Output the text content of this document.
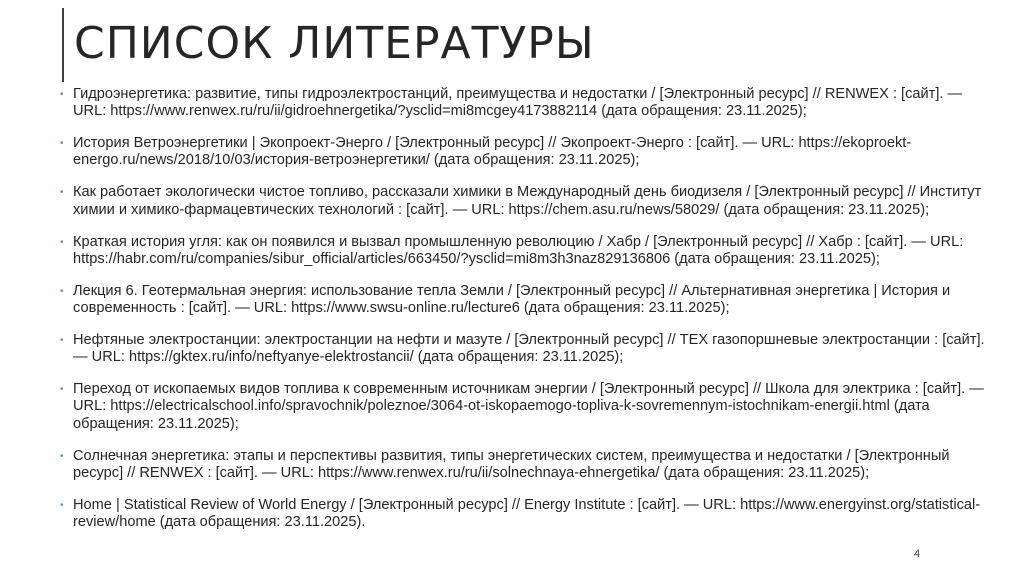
СПИСОК ЛИТЕРАТУРЫ
• Гидроэнергетика: развитие, типы гидроэлектростанций, преимущества и недостатки / [Электронный ресурс] // RENWEX : [сайт]. — URL: https://www.renwex.ru/ru/ii/gidroehnergetika/?ysclid=mi8mcgey4173882114 (дата обращения: 23.11.2025);
• История Ветроэнергетики | Экопроект-Энерго / [Электронный ресурс] // Экопроект-Энерго : [сайт]. — URL: https://ekoproekt-energo.ru/news/2018/10/03/история-ветроэнергетики/ (дата обращения: 23.11.2025);
• Как работает экологически чистое топливо, рассказали химики в Международный день биодизеля / [Электронный ресурс] // Институт химии и химико-фармацевтических технологий : [сайт]. — URL: https://chem.asu.ru/news/58029/ (дата обращения: 23.11.2025);
• Краткая история угля: как он появился и вызвал промышленную революцию / Хабр / [Электронный ресурс] // Хабр : [сайт]. — URL: https://habr.com/ru/companies/sibur_official/articles/663450/?ysclid=mi8m3h3naz829136806 (дата обращения: 23.11.2025);
• Лекция 6. Геотермальная энергия: использование тепла Земли / [Электронный ресурс] // Альтернативная энергетика | История и современность : [сайт]. — URL: https://www.swsu-online.ru/lecture6 (дата обращения: 23.11.2025);
• Нефтяные электростанции: электростанции на нефти и мазуте / [Электронный ресурс] // ТЕХ газопоршневые электростанции : [сайт]. — URL: https://gktex.ru/info/neftyanye-elektrostancii/ (дата обращения: 23.11.2025);
• Переход от ископаемых видов топлива к современным источникам энергии / [Электронный ресурс] // Школа для электрика : [сайт]. — URL: https://electricalschool.info/spravochnik/poleznoe/3064-ot-iskopaemogo-topliva-k-sovremennym-istochnikam-energii.html (дата обращения: 23.11.2025);
• Солнечная энергетика: этапы и перспективы развития, типы энергетических систем, преимущества и недостатки / [Электронный ресурс] // RENWEX : [сайт]. — URL: https://www.renwex.ru/ru/ii/solnechnaya-ehnergetika/ (дата обращения: 23.11.2025);
• Home | Statistical Review of World Energy / [Электронный ресурс] // Energy Institute : [сайт]. — URL: https://www.energyinst.org/statistical-review/home (дата обращения: 23.11.2025).
4
